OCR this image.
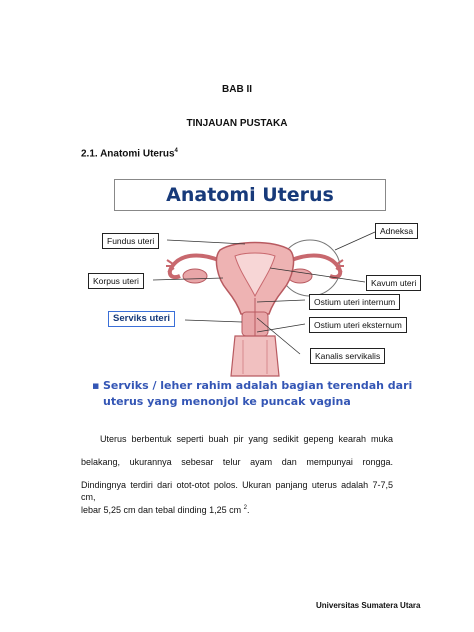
BAB II
TINJAUAN PUSTAKA
2.1. Anatomi Uterus$^4$
Anatomi Uterus
Fundus uteri
Korpus uteri
Serviks uteri
Adneksa
Kavum uteri
Ostium uteri internum
Ostium uteri eksternum
Kanalis servikalis
▪ Serviks / leher rahim adalah bagian terendah dari uterus yang menonjol ke puncak vagina
Uterus berbentuk seperti buah pir yang sedikit gepeng kearah muka
belakang, ukurannya sebesar telur ayam dan mempunyai rongga.
Dindingnya terdiri dari otot-otot polos. Ukuran panjang uterus adalah 7-7,5 cm,
lebar 5,25 cm dan tebal dinding 1,25 cm $^2$.
Universitas Sumatera Utara
